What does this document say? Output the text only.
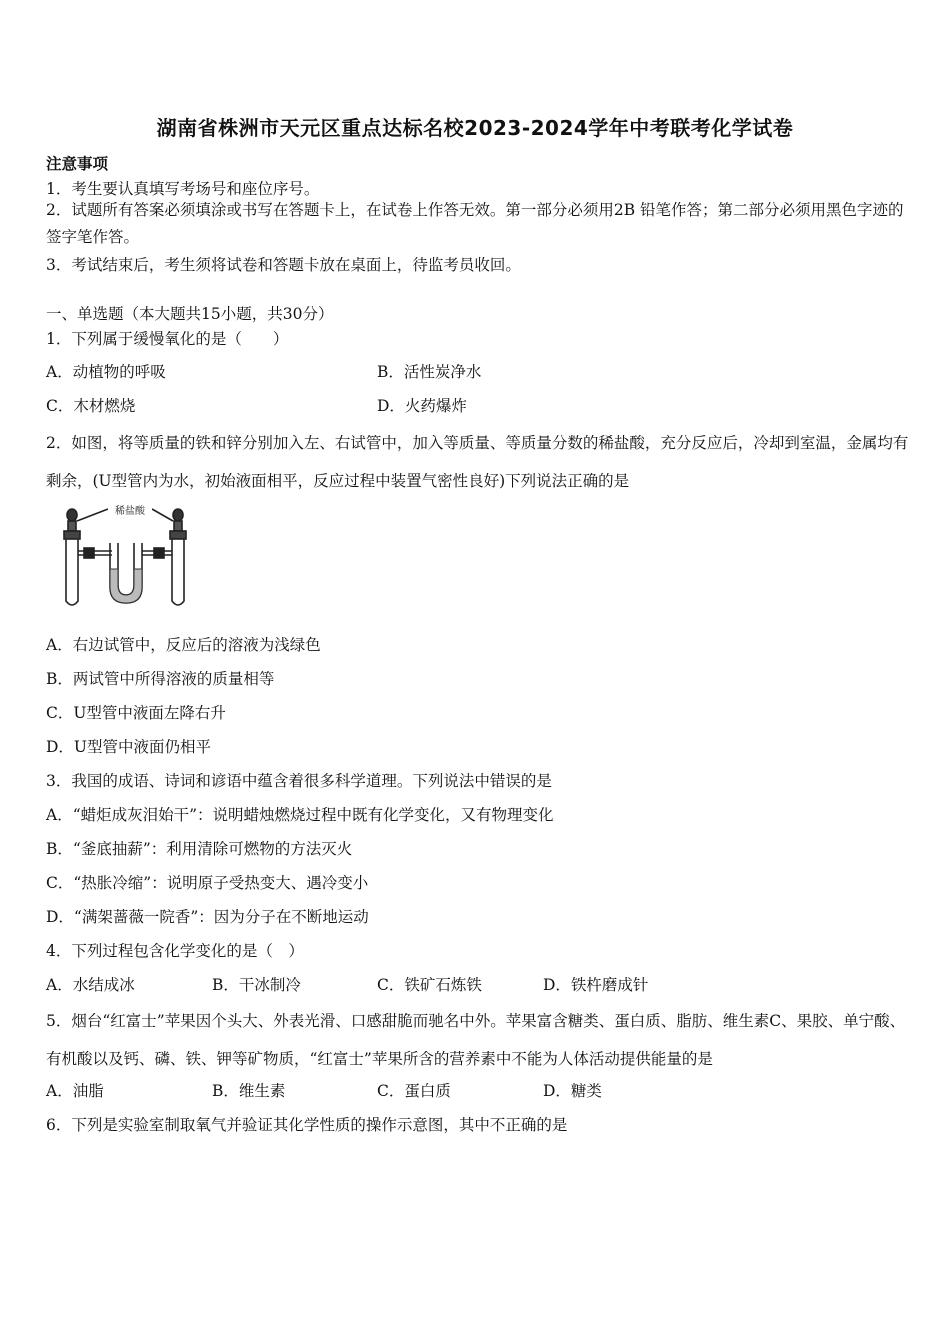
湖南省株洲市天元区重点达标名校2023-2024学年中考联考化学试卷
注意事项
1．考生要认真填写考场号和座位序号。
2．试题所有答案必须填涂或书写在答题卡上，在试卷上作答无效。第一部分必须用2B 铅笔作答；第二部分必须用黑色字迹的签字笔作答。
3．考试结束后，考生须将试卷和答题卡放在桌面上，待监考员收回。
一、单选题（本大题共15小题，共30分）
1．下列属于缓慢氧化的是（　　）
A．动植物的呼吸	B．活性炭净水
C．木材燃烧	D．火药爆炸
2．如图，将等质量的铁和锌分别加入左、右试管中，加入等质量、等质量分数的稀盐酸，充分反应后，冷却到室温，金属均有剩余，(U型管内为水，初始液面相平，反应过程中装置气密性良好)下列说法正确的是
稀盐酸
A．右边试管中，反应后的溶液为浅绿色
B．两试管中所得溶液的质量相等
C．U型管中液面左降右升
D．U型管中液面仍相平
3．我国的成语、诗词和谚语中蕴含着很多科学道理。下列说法中错误的是
A．“蜡炬成灰泪始干”：说明蜡烛燃烧过程中既有化学变化，又有物理变化
B．“釜底抽薪”：利用清除可燃物的方法灭火
C．“热胀冷缩”：说明原子受热变大、遇冷变小
D．“满架蔷薇一院香”：因为分子在不断地运动
4．下列过程包含化学变化的是（　）
A．水结成冰	B．干冰制冷	C．铁矿石炼铁	D．铁杵磨成针
5．烟台“红富士”苹果因个头大、外表光滑、口感甜脆而驰名中外。苹果富含糖类、蛋白质、脂肪、维生素C、果胶、单宁酸、有机酸以及钙、磷、铁、钾等矿物质，“红富士”苹果所含的营养素中不能为人体活动提供能量的是
A．油脂	B．维生素	C．蛋白质	D．糖类
6．下列是实验室制取氧气并验证其化学性质的操作示意图，其中不正确的是
